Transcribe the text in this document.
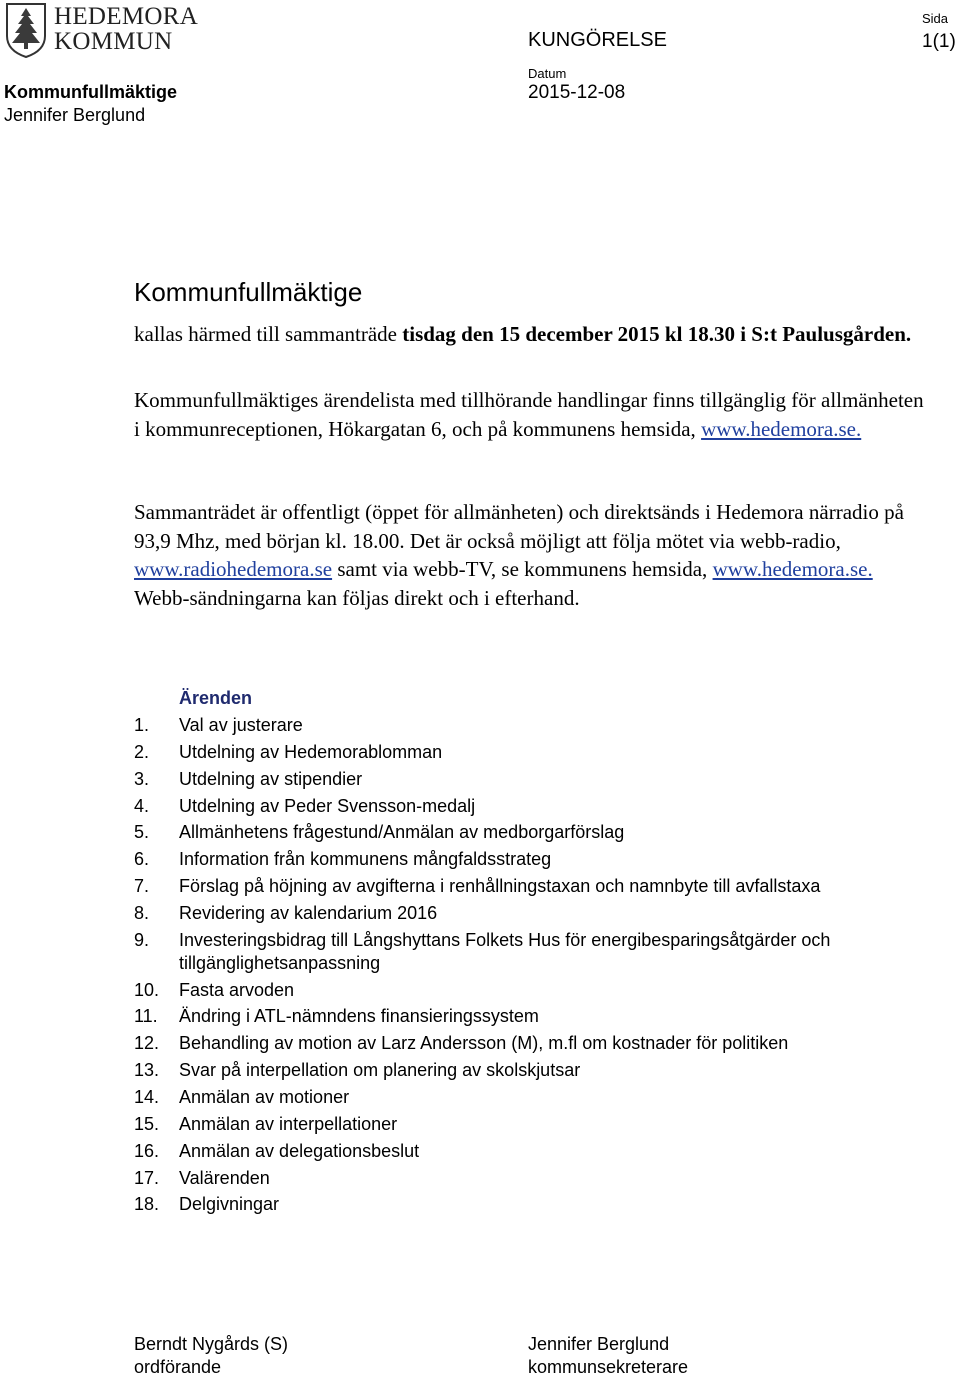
HEDEMORA
KOMMUN	KUNGÖRELSE
Sida
1(1)
Kommunfullmäktige
Jennifer Berglund
Datum
2015-12-08
Kommunfullmäktige
kallas härmed till sammanträde tisdag den 15 december 2015 kl 18.30 i S:t Paulusgården.
Kommunfullmäktiges ärendelista med tillhörande handlingar finns tillgänglig för allmänheten i kommunreceptionen, Hökargatan 6, och på kommunens hemsida, www.hedemora.se.
Sammanträdet är offentligt (öppet för allmänheten) och direktsänds i Hedemora närradio på 93,9 Mhz, med början kl. 18.00. Det är också möjligt att följa mötet via webb-radio, www.radiohedemora.se samt via webb-TV, se kommunens hemsida, www.hedemora.se. Webb-sändningarna kan följas direkt och i efterhand.
Ärenden
1.	Val av justerare
2.	Utdelning av Hedemorablomman
3.	Utdelning av stipendier
4.	Utdelning av Peder Svensson-medalj
5.	Allmänhetens frågestund/Anmälan av medborgarförslag
6.	Information från kommunens mångfaldsstrateg
7.	Förslag på höjning av avgifterna i renhållningstaxan och namnbyte till avfallstaxa
8.	Revidering av kalendarium 2016
9.	Investeringsbidrag till Långshyttans Folkets Hus för energibesparingsåtgärder och tillgänglighetsanpassning
10.	Fasta arvoden
11.	Ändring i ATL-nämndens finansieringssystem
12.	Behandling av motion av Larz Andersson (M), m.fl om kostnader för politiken
13.	Svar på interpellation om planering av skolskjutsar
14.	Anmälan av motioner
15.	Anmälan av interpellationer
16.	Anmälan av delegationsbeslut
17.	Valärenden
18.	Delgivningar
Berndt Nygårds (S)
ordförande
Jennifer Berglund
kommunsekreterare
